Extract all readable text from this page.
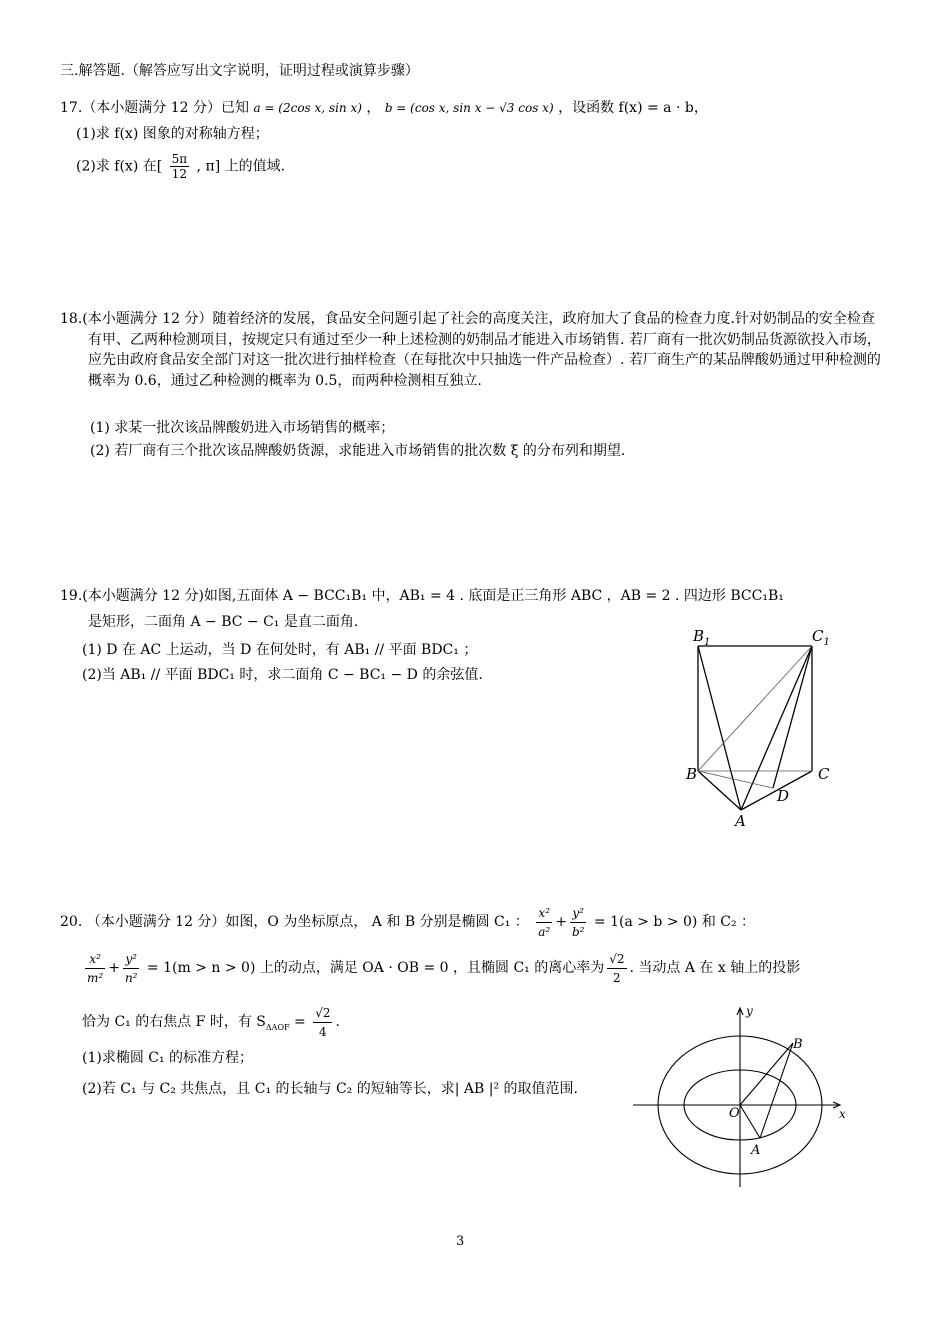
三.解答题.（解答应写出文字说明，证明过程或演算步骤）
17.（本小题满分 12 分）已知 a = (2cos x, sin x) ， b = (cos x, sin x − √3 cos x) ，设函数 f(x) = a · b，
(1)求 f(x) 图象的对称轴方程；
(2)求 f(x) 在[ $\frac{5\pi}{12}$ , π] 上的值域.
18.(本小题满分 12 分）随着经济的发展，食品安全问题引起了社会的高度关注，政府加大了食品的检查力度.针对奶制品的安全检查有甲、乙两种检测项目，按规定只有通过至少一种上述检测的奶制品才能进入市场销售. 若厂商有一批次奶制品货源欲投入市场，应先由政府食品安全部门对这一批次进行抽样检查（在每批次中只抽选一件产品检查）. 若厂商生产的某品牌酸奶通过甲种检测的概率为 0.6，通过乙种检测的概率为 0.5，而两种检测相互独立.
(1) 求某一批次该品牌酸奶进入市场销售的概率；
(2) 若厂商有三个批次该品牌酸奶货源，求能进入市场销售的批次数 ξ 的分布列和期望.
19.(本小题满分 12 分)如图,五面体 A − BCC₁B₁ 中，AB₁ = 4 . 底面是正三角形 ABC ，AB = 2 . 四边形 BCC₁B₁
是矩形，二面角 A − BC − C₁ 是直二面角.
(1) D 在 AC 上运动，当 D 在何处时，有 AB₁ // 平面 BDC₁ ；
(2)当 AB₁ // 平面 BDC₁ 时，求二面角 C − BC₁ − D 的余弦值.
$B_1$	$C_1$
B	C
D
A
20. （本小题满分 12 分）如图，O 为坐标原点， A 和 B 分别是椭圆 C₁ ： $\frac{\text{x²}}{\text{a²}} + \frac{\text{y²}}{\text{b²}} = 1(a > b > 0)$ 和 C₂ ：
$\frac{\text{x²}}{\text{m²}} + \frac{\text{y²}}{\text{n²}} = 1(m > n > 0)$ 上的动点，满足 OA · OB = 0 ，且椭圆 C₁ 的离心率为 $\frac{√2}{2}$ . 当动点 A 在 x 轴上的投影
恰为 C₁ 的右焦点 F 时，有 $S_{\Delta AOF} = \frac{√2}{4}$ .
(1)求椭圆 C₁ 的标准方程；
(2)若 C₁ 与 C₂ 共焦点，且 C₁ 的长轴与 C₂ 的短轴等长，求| AB |² 的取值范围.
y
x
O
A
B
3
